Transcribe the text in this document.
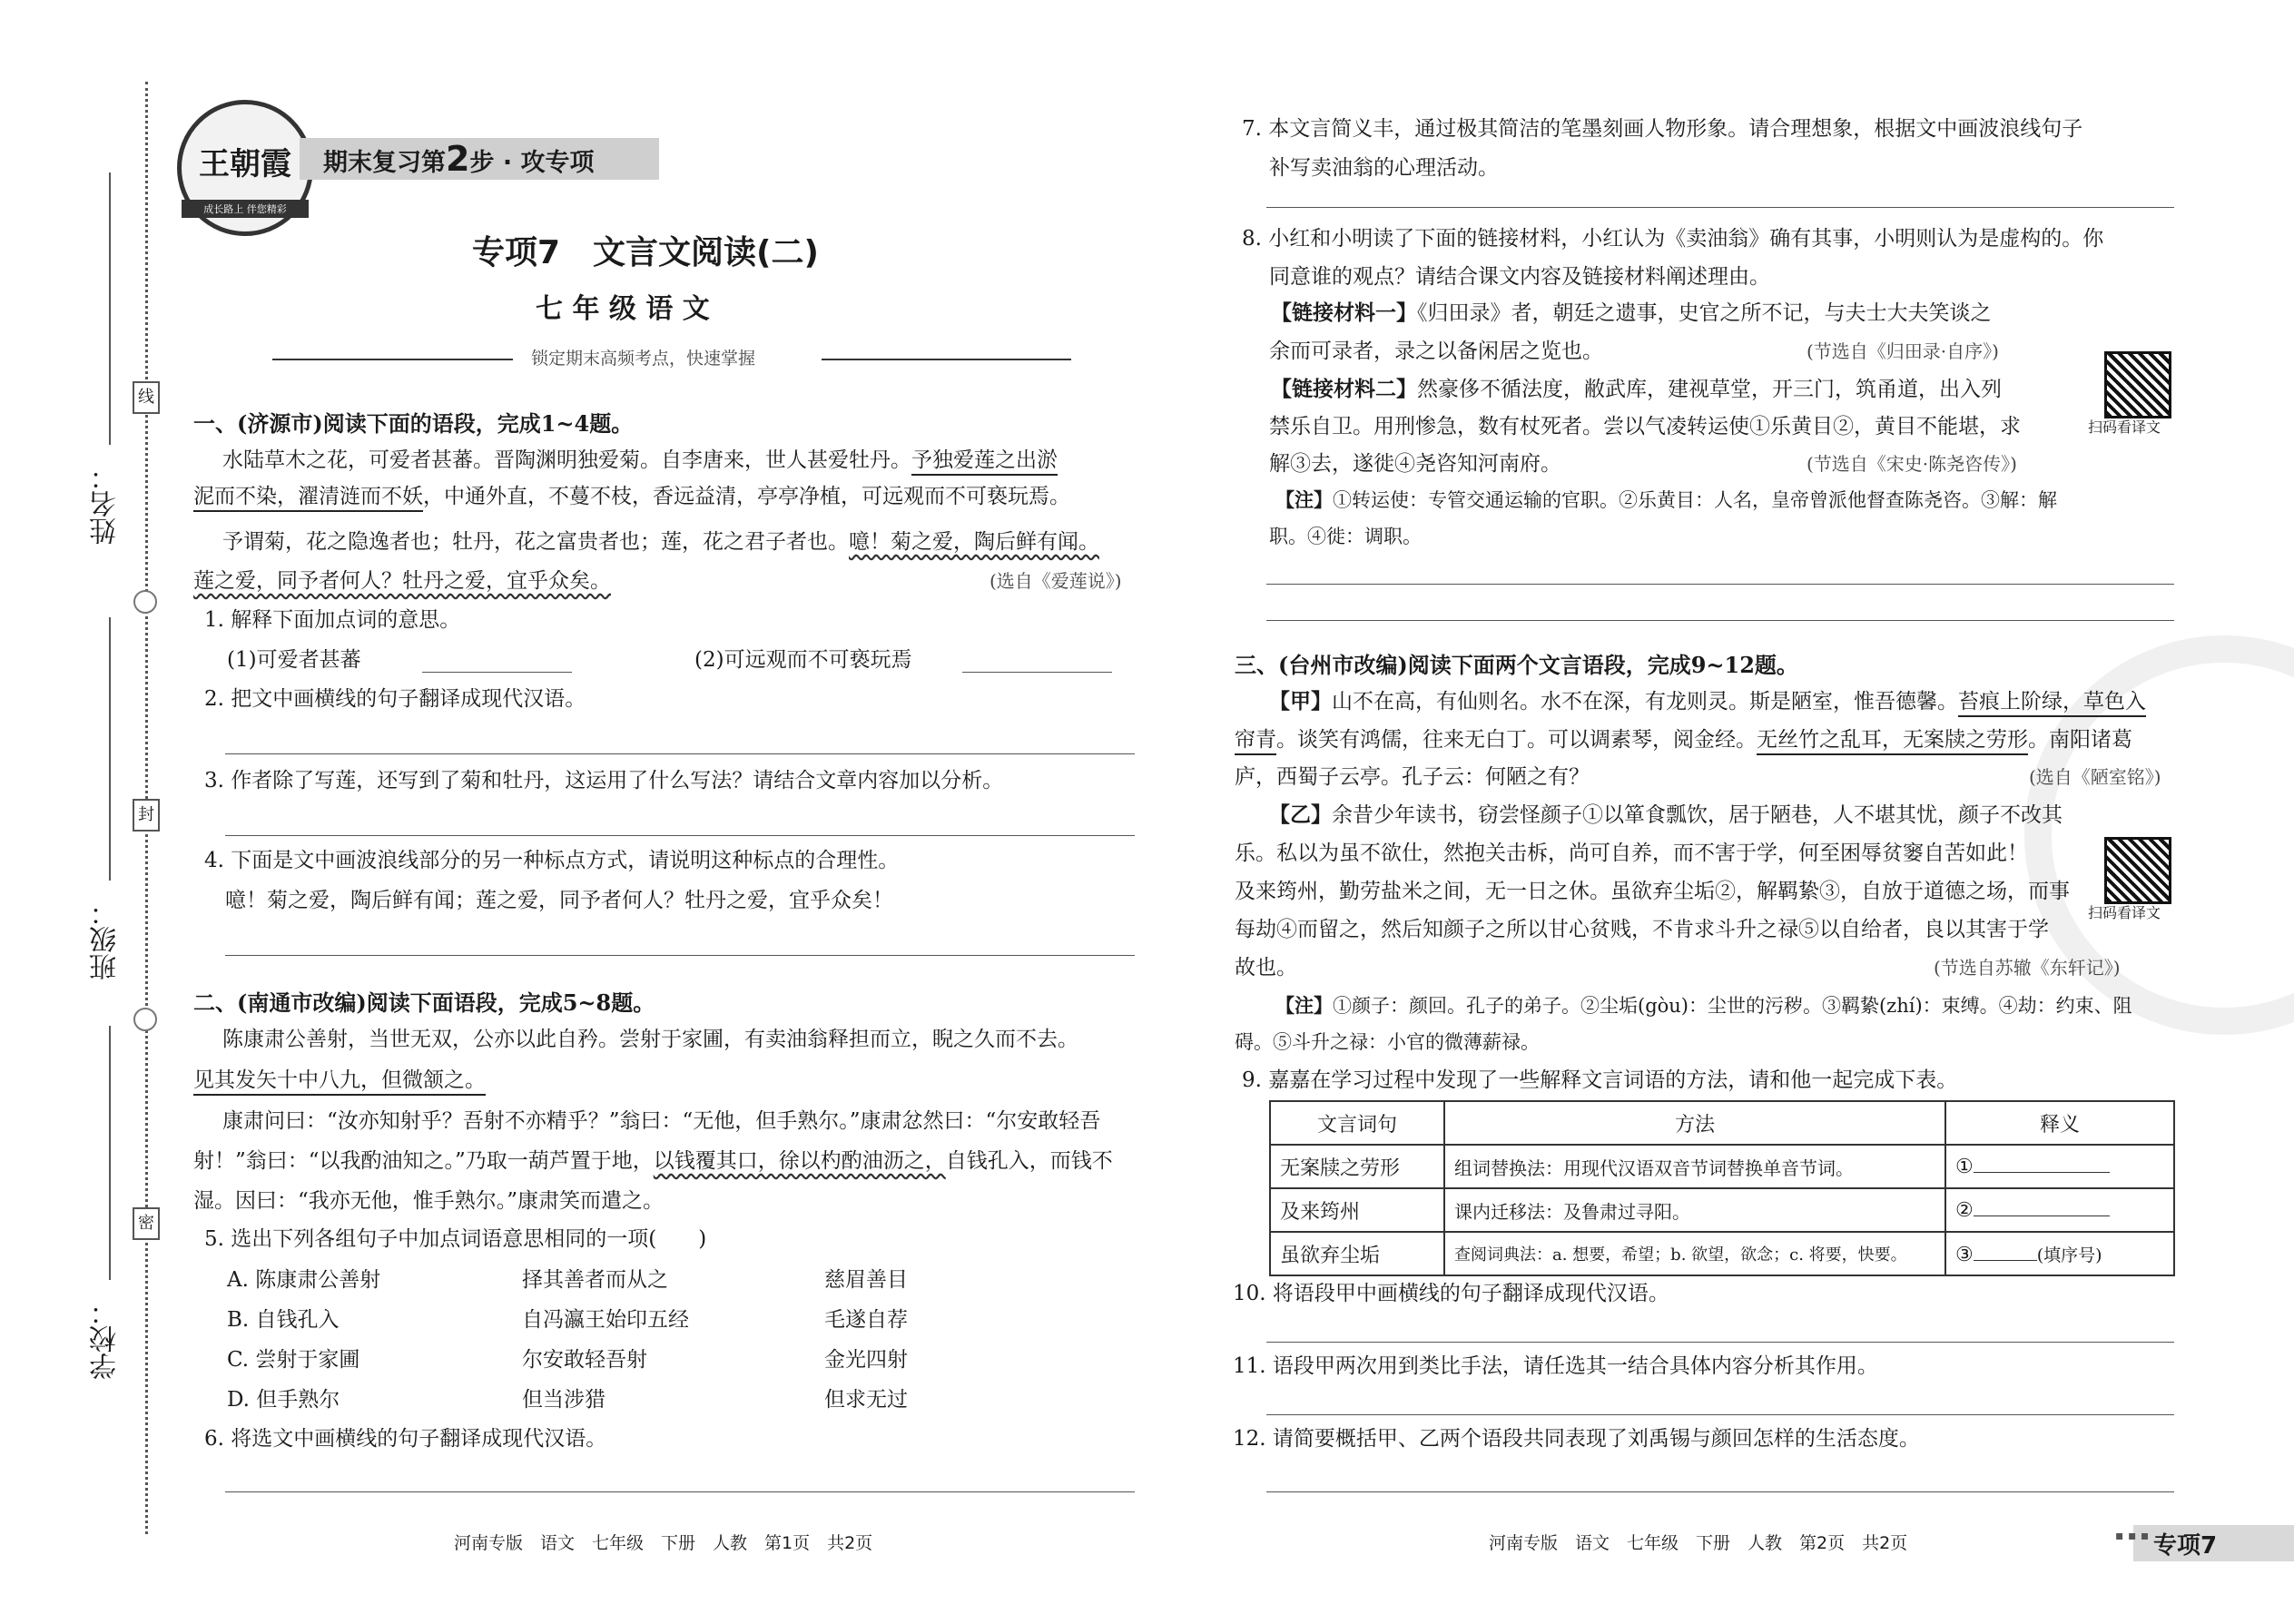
姓名：
班级：
学校：
线
封
密
王朝霞
成长路上 伴您精彩
期末复习第2步 · 攻专项
专项7　文言文阅读(二)
七 年 级 语 文
锁定期末高频考点，快速掌握
一、(济源市)阅读下面的语段，完成1~4题。
水陆草木之花，可爱者甚蕃。晋陶渊明独爱菊。自李唐来，世人甚爱牡丹。予独爱莲之出淤
泥而不染，濯清涟而不妖，中通外直，不蔓不枝，香远益清，亭亭净植，可远观而不可亵玩焉。
予谓菊，花之隐逸者也；牡丹，花之富贵者也；莲，花之君子者也。噫！菊之爱，陶后鲜有闻。
莲之爱，同予者何人？牡丹之爱，宜乎众矣。	(选自《爱莲说》)
1. 解释下面加点词的意思。
(1)可爱者甚蕃	(2)可远观而不可亵玩焉
2. 把文中画横线的句子翻译成现代汉语。
3. 作者除了写莲，还写到了菊和牡丹，这运用了什么写法？请结合文章内容加以分析。
4. 下面是文中画波浪线部分的另一种标点方式，请说明这种标点的合理性。
噫！菊之爱，陶后鲜有闻；莲之爱，同予者何人？牡丹之爱，宜乎众矣！
二、(南通市改编)阅读下面语段，完成5~8题。
陈康肃公善射，当世无双，公亦以此自矜。尝射于家圃，有卖油翁释担而立，睨之久而不去。
见其发矢十中八九，但微颔之。
康肃问曰：“汝亦知射乎？吾射不亦精乎？”翁曰：“无他，但手熟尔。”康肃忿然曰：“尔安敢轻吾
射！”翁曰：“以我酌油知之。”乃取一葫芦置于地，以钱覆其口，徐以杓酌油沥之，自钱孔入，而钱不
湿。因曰：“我亦无他，惟手熟尔。”康肃笑而遣之。
5. 选出下列各组句子中加点词语意思相同的一项(　　)
A. 陈康肃公善射	择其善者而从之	慈眉善目
B. 自钱孔入	自冯瀛王始印五经	毛遂自荐
C. 尝射于家圃	尔安敢轻吾射	金光四射
D. 但手熟尔	但当涉猎	但求无过
6. 将选文中画横线的句子翻译成现代汉语。
河南专版　语文　七年级　下册　人教　第1页　共2页
7. 本文言简义丰，通过极其简洁的笔墨刻画人物形象。请合理想象，根据文中画波浪线句子
补写卖油翁的心理活动。
8. 小红和小明读了下面的链接材料，小红认为《卖油翁》确有其事，小明则认为是虚构的。你
同意谁的观点？请结合课文内容及链接材料阐述理由。
【链接材料一】《归田录》者，朝廷之遗事，史官之所不记，与夫士大夫笑谈之
余而可录者，录之以备闲居之览也。	(节选自《归田录·自序》)
扫码看译文
【链接材料二】然豪侈不循法度，敝武库，建视草堂，开三门，筑甬道，出入列
禁乐自卫。用刑惨急，数有杖死者。尝以气凌转运使①乐黄目②，黄目不能堪，求
解③去，遂徙④尧咨知河南府。	(节选自《宋史·陈尧咨传》)
【注】①转运使：专管交通运输的官职。②乐黄目：人名，皇帝曾派他督查陈尧咨。③解：解
职。④徙：调职。
三、(台州市改编)阅读下面两个文言语段，完成9~12题。
【甲】山不在高，有仙则名。水不在深，有龙则灵。斯是陋室，惟吾德馨。苔痕上阶绿，草色入
帘青。谈笑有鸿儒，往来无白丁。可以调素琴，阅金经。无丝竹之乱耳，无案牍之劳形。南阳诸葛
庐，西蜀子云亭。孔子云：何陋之有？	(选自《陋室铭》)
【乙】余昔少年读书，窃尝怪颜子①以箪食瓢饮，居于陋巷，人不堪其忧，颜子不改其
乐。私以为虽不欲仕，然抱关击柝，尚可自养，而不害于学，何至困辱贫窭自苦如此！
及来筠州，勤劳盐米之间，无一日之休。虽欲弃尘垢②，解羁絷③，自放于道德之场，而事
每劫④而留之，然后知颜子之所以甘心贫贱，不肯求斗升之禄⑤以自给者，良以其害于学
故也。	(节选自苏辙《东轩记》)
扫码看译文
【注】①颜子：颜回。孔子的弟子。②尘垢(gòu)：尘世的污秽。③羁絷(zhí)：束缚。④劫：约束、阻
碍。⑤斗升之禄：小官的微薄薪禄。
9. 嘉嘉在学习过程中发现了一些解释文言词语的方法，请和他一起完成下表。
文言词句	方法	释义
无案牍之劳形	组词替换法：用现代汉语双音节词替换单音节词。	①
及来筠州	课内迁移法：及鲁肃过寻阳。	②
虽欲弃尘垢	查阅词典法：a. 想要，希望；b. 欲望，欲念；c. 将要，快要。	③ (填序号)
10. 将语段甲中画横线的句子翻译成现代汉语。
11. 语段甲两次用到类比手法，请任选其一结合具体内容分析其作用。
12. 请简要概括甲、乙两个语段共同表现了刘禹锡与颜回怎样的生活态度。
河南专版　语文　七年级　下册　人教　第2页　共2页	▪ ▪ ▪ 专项7
